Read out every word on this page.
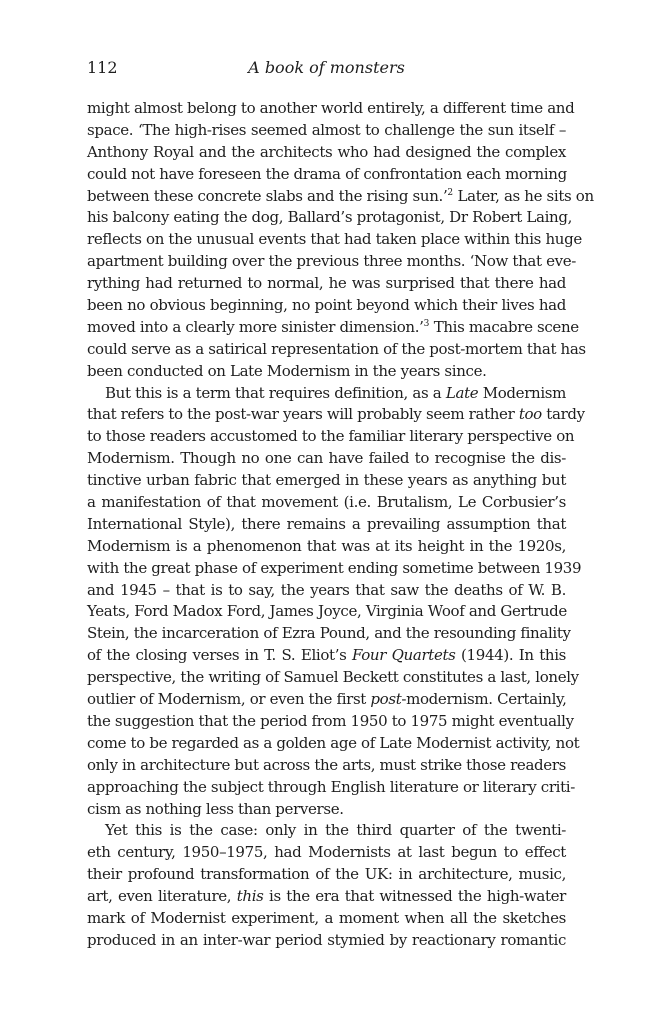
112	A book of monsters
might almost belong to another world entirely, a different time and
space. ‘The high-rises seemed almost to challenge the sun itself –
Anthony Royal and the architects who had designed the complex
could not have foreseen the drama of confrontation each morning
between these concrete slabs and the rising sun.’$^2$ Later, as he sits on
his balcony eating the dog, Ballard’s protagonist, Dr Robert Laing,
reflects on the unusual events that had taken place within this huge
apartment building over the previous three months. ‘Now that eve-
rything had returned to normal, he was surprised that there had
been no obvious beginning, no point beyond which their lives had
moved into a clearly more sinister dimension.’$^3$ This macabre scene
could serve as a satirical representation of the post-mortem that has
been conducted on Late Modernism in the years since.
But this is a term that requires definition, as a Late Modernism
that refers to the post-war years will probably seem rather too tardy
to those readers accustomed to the familiar literary perspective on
Modernism. Though no one can have failed to recognise the dis-
tinctive urban fabric that emerged in these years as anything but
a manifestation of that movement (i.e. Brutalism, Le Corbusier’s
International Style), there remains a prevailing assumption that
Modernism is a phenomenon that was at its height in the 1920s,
with the great phase of experiment ending sometime between 1939
and 1945 – that is to say, the years that saw the deaths of W. B.
Yeats, Ford Madox Ford, James Joyce, Virginia Woof and Gertrude
Stein, the incarceration of Ezra Pound, and the resounding finality
of the closing verses in T. S. Eliot’s Four Quartets (1944). In this
perspective, the writing of Samuel Beckett constitutes a last, lonely
outlier of Modernism, or even the first post-modernism. Certainly,
the suggestion that the period from 1950 to 1975 might eventually
come to be regarded as a golden age of Late Modernist activity, not
only in architecture but across the arts, must strike those readers
approaching the subject through English literature or literary criti-
cism as nothing less than perverse.
Yet this is the case: only in the third quarter of the twenti-
eth century, 1950–1975, had Modernists at last begun to effect
their profound transformation of the UK: in architecture, music,
art, even literature, this is the era that witnessed the high-water
mark of Modernist experiment, a moment when all the sketches
produced in an inter-war period stymied by reactionary romantic
